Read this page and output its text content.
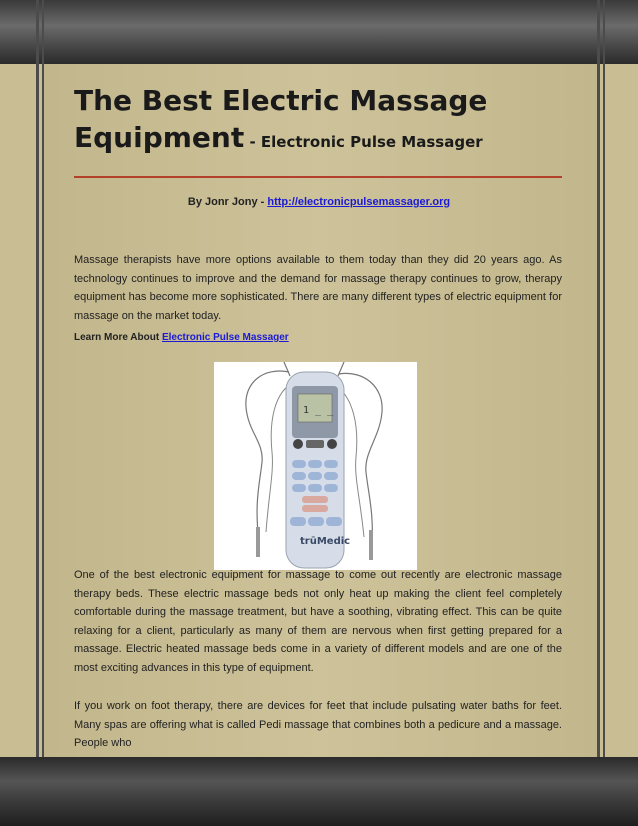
The Best Electric Massage Equipment - Electronic Pulse Massager
By Jonr Jony - http://electronicpulsemassager.org

Massage therapists have more options available to them today than they did 20 years ago. As technology continues to improve and the demand for massage therapy continues to grow, therapy equipment has become more sophisticated. There are many different types of electric equipment for massage on the market today.

Learn More About Electronic Pulse Massager
1 _ _
trūMedic

One of the best electronic equipment for massage to come out recently are electronic massage therapy beds. These electric massage beds not only heat up making the client feel completely comfortable during the massage treatment, but have a soothing, vibrating effect. This can be quite relaxing for a client, particularly as many of them are nervous when first getting prepared for a massage. Electric heated massage beds come in a variety of different models and are one of the most exciting advances in this type of equipment.

If you work on foot therapy, there are devices for feet that include pulsating water baths for feet. Many spas are offering what is called Pedi massage that combines both a pedicure and a massage. People who
